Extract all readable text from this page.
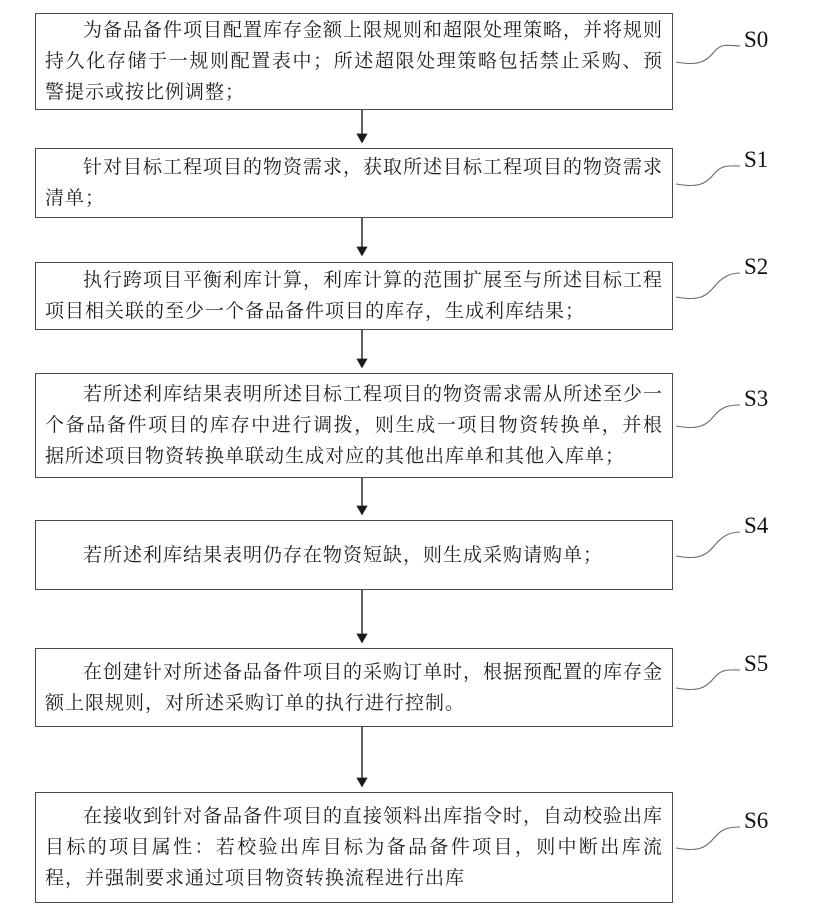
为备品备件项目配置库存金额上限规则和超限处理策略，并将规则持久化存储于一规则配置表中；所述超限处理策略包括禁止采购、预警提示或按比例调整；

针对目标工程项目的物资需求，获取所述目标工程项目的物资需求清单；

执行跨项目平衡利库计算，利库计算的范围扩展至与所述目标工程项目相关联的至少一个备品备件项目的库存，生成利库结果；

若所述利库结果表明所述目标工程项目的物资需求需从所述至少一个备品备件项目的库存中进行调拨，则生成一项目物资转换单，并根据所述项目物资转换单联动生成对应的其他出库单和其他入库单；

若所述利库结果表明仍存在物资短缺，则生成采购请购单；

在创建针对所述备品备件项目的采购订单时，根据预配置的库存金额上限规则，对所述采购订单的执行进行控制。

在接收到针对备品备件项目的直接领料出库指令时，自动校验出库目标的项目属性：若校验出库目标为备品备件项目，则中断出库流程，并强制要求通过项目物资转换流程进行出库

S0
S1
S2
S3
S4
S5
S6
